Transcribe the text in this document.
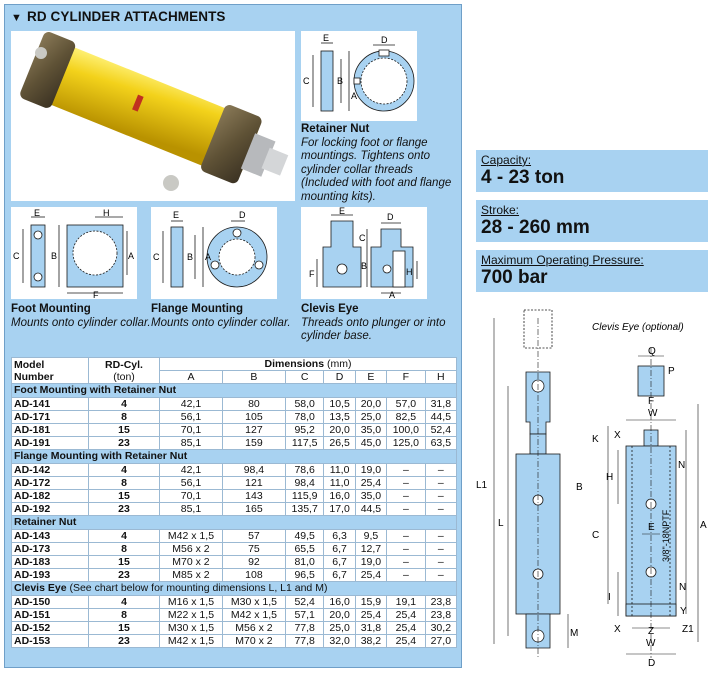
▼ RD CYLINDER ATTACHMENTS
E	D
C	B
A
Retainer Nut
For locking foot or flange mountings. Tightens onto cylinder collar threads (Included with foot and flange mounting kits).
E	H
C	B	A
F
Foot Mounting
Mounts onto cylinder collar.
E	D
C	B A
Flange Mounting
Mounts onto cylinder collar.
E
D
C
B
F	H
A
Clevis Eye
Threads onto plunger or into cylinder base.
Model
Number	RD-Cyl.
(ton)	Dimensions (mm)						
		A	B	C	D	E	F	H
Foot Mounting with Retainer Nut								
AD-141	4	42,1	80	58,0	10,5	20,0	57,0	31,8
AD-171	8	56,1	105	78,0	13,5	25,0	82,5	44,5
AD-181	15	70,1	127	95,2	20,0	35,0	100,0	52,4
AD-191	23	85,1	159	117,5	26,5	45,0	125,0	63,5
Flange Mounting with Retainer Nut								
AD-142	4	42,1	98,4	78,6	11,0	19,0	–	–
AD-172	8	56,1	121	98,4	11,0	25,4	–	–
AD-182	15	70,1	143	115,9	16,0	35,0	–	–
AD-192	23	85,1	165	135,7	17,0	44,5	–	–
Retainer Nut								
AD-143	4	M42 x 1,5	57	49,5	6,3	9,5	–	–
AD-173	8	M56 x 2	75	65,5	6,7	12,7	–	–
AD-183	15	M70 x 2	92	81,0	6,7	19,0	–	–
AD-193	23	M85 x 2	108	96,5	6,7	25,4	–	–
Clevis Eye (See chart below for mounting dimensions L, L1 and M)								
AD-150	4	M16 x 1,5	M30 x 1,5	52,4	16,0	15,9	19,1	23,8
AD-151	8	M22 x 1,5	M42 x 1,5	57,1	20,0	25,4	25,4	23,8
AD-152	15	M30 x 1,5	M56 x 2	77,8	25,0	31,8	25,4	30,2
AD-153	23	M42 x 1,5	M70 x 2	77,8	32,0	38,2	25,4	27,0
Capacity:
4 - 23 ton
Stroke:
28 - 260 mm
Maximum Operating Pressure:
700 bar
Clevis Eye (optional)
L1
L
M
Q
P
W
K X
N
H
B
C
A
E
N
I
Y
X	Z	Z1
W
D
F
3/8"-18NPTF
